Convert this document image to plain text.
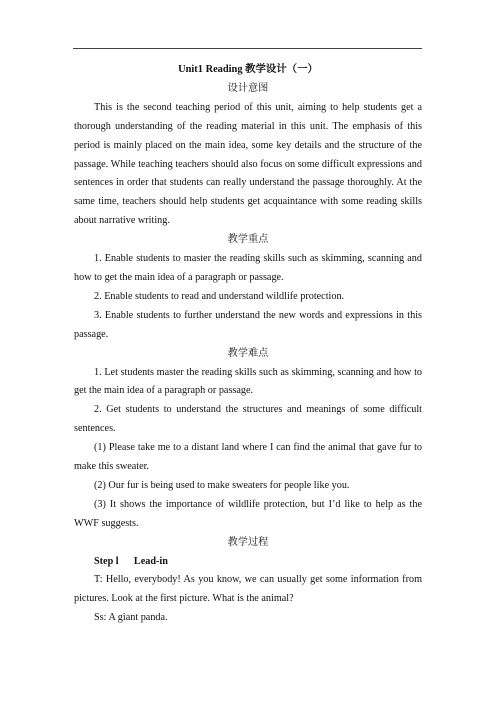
Unit1 Reading 教学设计（一）

设计意图

This is the second teaching period of this unit, aiming to help students get a thorough understanding of the reading material in this unit. The emphasis of this period is mainly placed on the main idea, some key details and the structure of the passage. While teaching teachers should also focus on some difficult expressions and sentences in order that students can really understand the passage thoroughly. At the same time, teachers should help students get acquaintance with some reading skills about narrative writing.

教学重点

1. Enable students to master the reading skills such as skimming, scanning and how to get the main idea of a paragraph or passage.

2. Enable students to read and understand wildlife protection.

3. Enable students to further understand the new words and expressions in this passage.

教学难点

1. Let students master the reading skills such as skimming, scanning and how to get the main idea of a paragraph or passage.

2. Get students to understand the structures and meanings of some difficult sentences.

(1) Please take me to a distant land where I can find the animal that gave fur to make this sweater.

(2) Our fur is being used to make sweaters for people like you.

(3) It shows the importance of wildlife protection, but I’d like to help as the WWF suggests.

教学过程

Step l      Lead-in

T: Hello, everybody! As you know, we can usually get some information from pictures. Look at the first picture. What is the animal?

Ss: A giant panda.
